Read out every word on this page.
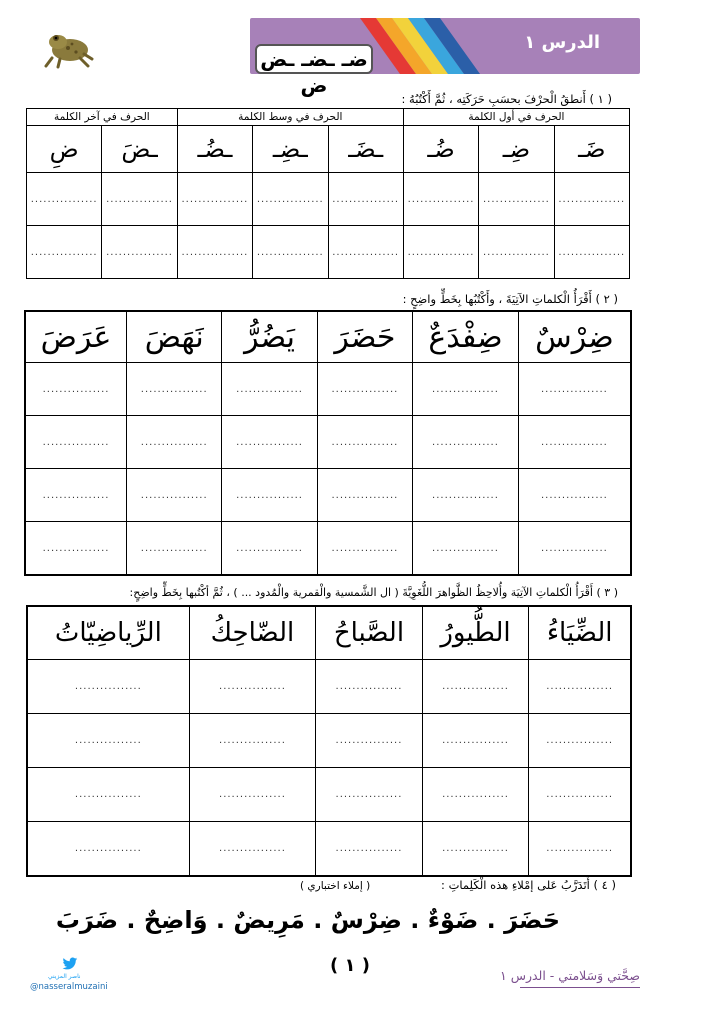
الدرس ١
ضـ ـضـ ـض ض
( ١ ) أَنطقُ الْحرْفَ بحسَبِ حَرَكَتِه ، ثُمَّ أَكْتُبُهُ :
الحرف في أول الكلمة			الحرف في وسط الكلمة			الحرف في آخر الكلمة	
ضَـ	ضِـ	ضُـ	ـضَـ	ـضِـ	ـضُـ	ـضَ	ضِ
................	................	................	................	................	................	................	................
................	................	................	................	................	................	................	................
( ٢ ) أَقْرَأُ الْكلماتِ الآتِيَةَ ، وأَكْتُبُها بِخَطٍّ واضِحٍ :
ضِرْسٌ	ضِفْدَعٌ	حَضَرَ	يَضُرُّ	نَهَضَ	عَرَضَ
................	................	................	................	................	................
................	................	................	................	................	................
................	................	................	................	................	................
................	................	................	................	................	................
( ٣ ) أَقْرَأُ الْكلماتِ الآتِيَة وأُلاحِظُ الظَّواهرَ اللُّغَوِيَّةَ ( ال الشَّمسية والْقمرية والْمُدود ... ) ، ثُمَّ أكْتُبها بِخَطٍّ واضِحٍ:
الضِّيَاءُ	الطُّيورُ	الصَّباحُ	الضّاحِكُ	الرِّياضِيّاتُ
................	................	................	................	................
................	................	................	................	................
................	................	................	................	................
................	................	................	................	................
( ٤ ) أَتَدَرَّبُ عَلى إمْلاءِ هذه الْكَلِماتِ :
( إملاء اختباري )
حَضَرَ . ضَوْءٌ . ضِرْسٌ . مَرِيضٌ . وَاضِحٌ . ضَرَبَ
( ١ )	صِحَّتي وَسَلامتي - الدرس ١
ناصر المزيني
@nasseralmuzaini
